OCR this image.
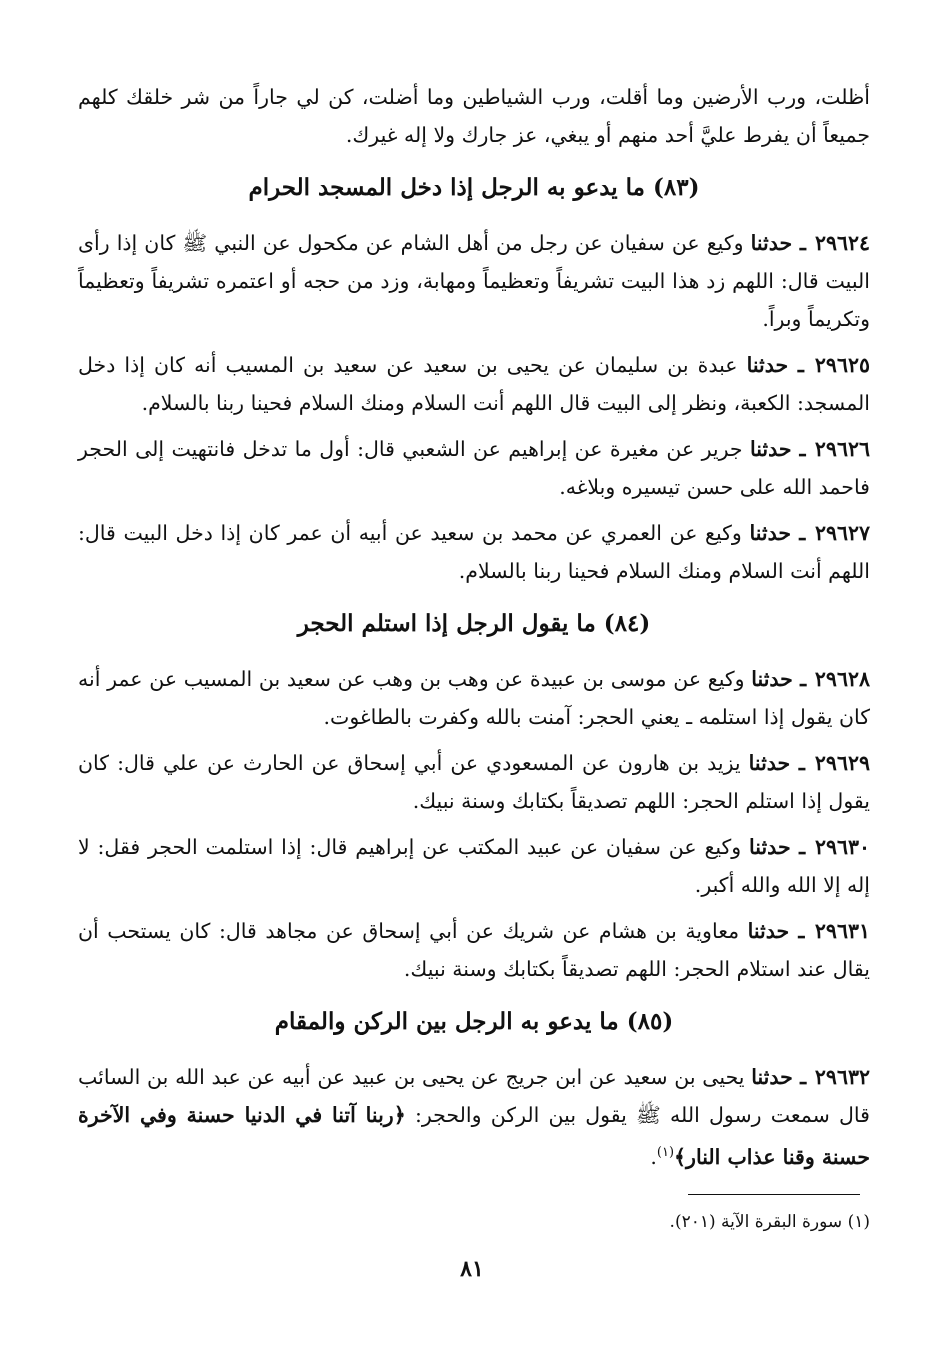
أظلت، ورب الأرضين وما أقلت، ورب الشياطين وما أضلت، كن لي جاراً من شر خلقك كلهم جميعاً أن يفرط عليَّ أحد منهم أو يبغي، عز جارك ولا إله غيرك.

(٨٣) ما يدعو به الرجل إذا دخل المسجد الحرام

٢٩٦٢٤ ـ حدثنا وكيع عن سفيان عن رجل من أهل الشام عن مكحول عن النبي ﷺ كان إذا رأى البيت قال: اللهم زد هذا البيت تشريفاً وتعظيماً ومهابة، وزد من حجه أو اعتمره تشريفاً وتعظيماً وتكريماً وبراً.

٢٩٦٢٥ ـ حدثنا عبدة بن سليمان عن يحيى بن سعيد عن سعيد بن المسيب أنه كان إذا دخل المسجد: الكعبة، ونظر إلى البيت قال اللهم أنت السلام ومنك السلام فحينا ربنا بالسلام.

٢٩٦٢٦ ـ حدثنا جرير عن مغيرة عن إبراهيم عن الشعبي قال: أول ما تدخل فانتهيت إلى الحجر فاحمد الله على حسن تيسيره وبلاغه.

٢٩٦٢٧ ـ حدثنا وكيع عن العمري عن محمد بن سعيد عن أبيه أن عمر كان إذا دخل البيت قال: اللهم أنت السلام ومنك السلام فحينا ربنا بالسلام.

(٨٤) ما يقول الرجل إذا استلم الحجر

٢٩٦٢٨ ـ حدثنا وكيع عن موسى بن عبيدة عن وهب بن وهب عن سعيد بن المسيب عن عمر أنه كان يقول إذا استلمه ـ يعني الحجر: آمنت بالله وكفرت بالطاغوت.

٢٩٦٢٩ ـ حدثنا يزيد بن هارون عن المسعودي عن أبي إسحاق عن الحارث عن علي قال: كان يقول إذا استلم الحجر: اللهم تصديقاً بكتابك وسنة نبيك.

٢٩٦٣٠ ـ حدثنا وكيع عن سفيان عن عبيد المكتب عن إبراهيم قال: إذا استلمت الحجر فقل: لا إله إلا الله والله أكبر.

٢٩٦٣١ ـ حدثنا معاوية بن هشام عن شريك عن أبي إسحاق عن مجاهد قال: كان يستحب أن يقال عند استلام الحجر: اللهم تصديقاً بكتابك وسنة نبيك.

(٨٥) ما يدعو به الرجل بين الركن والمقام

٢٩٦٣٢ ـ حدثنا يحيى بن سعيد عن ابن جريج عن يحيى بن عبيد عن أبيه عن عبد الله بن السائب قال سمعت رسول الله ﷺ يقول بين الركن والحجر: ﴿ربنا آتنا في الدنيا حسنة وفي الآخرة حسنة وقنا عذاب النار﴾$^{(١)}$.

(١) سورة البقرة الآية (٢٠١).
٨١
